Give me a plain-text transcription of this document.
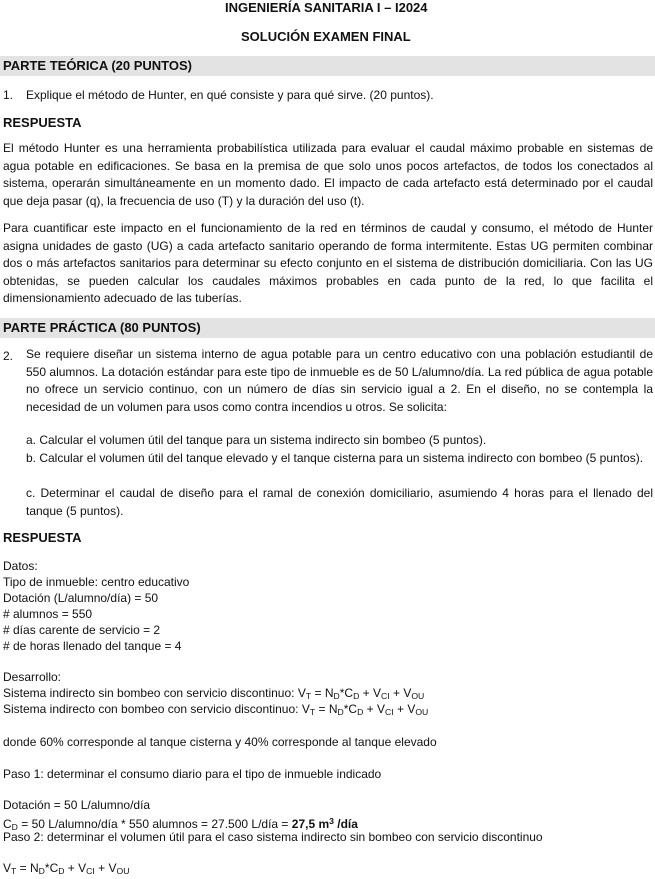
INGENIERÍA SANITARIA I – I2024
SOLUCIÓN EXAMEN FINAL
PARTE TEÓRICA (20 PUNTOS)
1. Explique el método de Hunter, en qué consiste y para qué sirve. (20 puntos).
RESPUESTA

El método Hunter es una herramienta probabilística utilizada para evaluar el caudal máximo probable en sistemas de agua potable en edificaciones. Se basa en la premisa de que solo unos pocos artefactos, de todos los conectados al sistema, operarán simultáneamente en un momento dado. El impacto de cada artefacto está determinado por el caudal que deja pasar (q), la frecuencia de uso (T) y la duración del uso (t).

Para cuantificar este impacto en el funcionamiento de la red en términos de caudal y consumo, el método de Hunter asigna unidades de gasto (UG) a cada artefacto sanitario operando de forma intermitente. Estas UG permiten combinar dos o más artefactos sanitarios para determinar su efecto conjunto en el sistema de distribución domiciliaria. Con las UG obtenidas, se pueden calcular los caudales máximos probables en cada punto de la red, lo que facilita el dimensionamiento adecuado de las tuberías.

PARTE PRÁCTICA (80 PUNTOS)
2. Se requiere diseñar un sistema interno de agua potable para un centro educativo con una población estudiantil de 550 alumnos. La dotación estándar para este tipo de inmueble es de 50 L/alumno/día. La red pública de agua potable no ofrece un servicio continuo, con un número de días sin servicio igual a 2. En el diseño, no se contempla la necesidad de un volumen para usos como contra incendios u otros. Se solicita:

a. Calcular el volumen útil del tanque para un sistema indirecto sin bombeo (5 puntos).

b. Calcular el volumen útil del tanque elevado y el tanque cisterna para un sistema indirecto con bombeo (5 puntos).

c. Determinar el caudal de diseño para el ramal de conexión domiciliario, asumiendo 4 horas para el llenado del tanque (5 puntos).

RESPUESTA
Datos:
Tipo de inmueble: centro educativo
Dotación (L/alumno/día) = 50
# alumnos = 550
# días carente de servicio = 2
# de horas llenado del tanque = 4
Desarrollo:
Sistema indirecto sin bombeo con servicio discontinuo: $V_T = N_D*C_D + V_{CI} + V_{OU}$
Sistema indirecto con bombeo con servicio discontinuo: $V_T = N_D*C_D + V_{CI} + V_{OU}$
donde 60% corresponde al tanque cisterna y 40% corresponde al tanque elevado
Paso 1: determinar el consumo diario para el tipo de inmueble indicado
Dotación = 50 L/alumno/día
$C_D = 50$ L/alumno/día * 550 alumnos = 27.500 L/día = 27,5 $m^3$ /día
Paso 2: determinar el volumen útil para el caso sistema indirecto sin bombeo con servicio discontinuo
$V_T = N_D*C_D + V_{CI} + V_{OU}$
